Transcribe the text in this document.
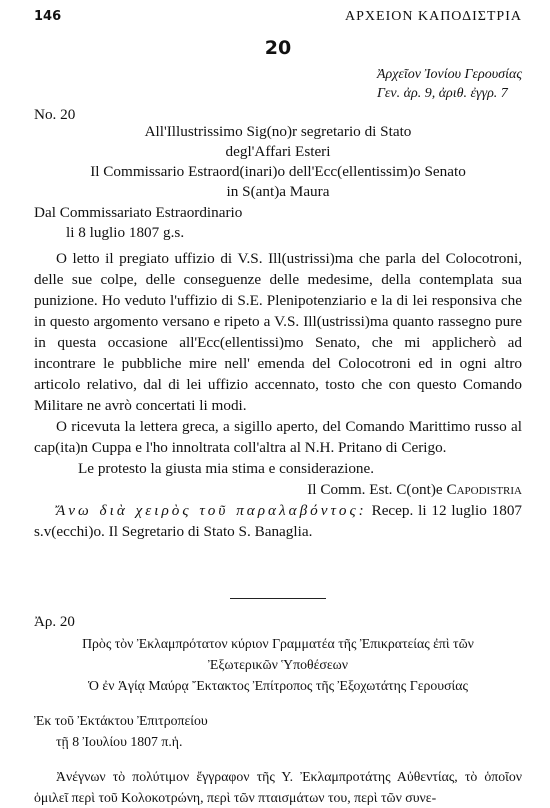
146	ΑΡΧΕΙΟΝ ΚΑΠΟΔΙΣΤΡΙΑ
20
Ἀρχεῖον Ἰονίου Γερουσίας
Γεν. ἀρ. 9, ἀριθ. ἐγγρ. 7
No. 20
All'Illustrissimo Sig(no)r segretario di Stato
degl'Affari Esteri
Il Commissario Estraord(inari)o dell'Ecc(ellentissim)o Senato
in S(ant)a Maura
Dal Commissariato Estraordinario
li 8 luglio 1807 g.s.

O letto il pregiato uffizio di V.S. Ill(ustrissi)ma che parla del Colocotroni, delle sue colpe, delle conseguenze delle medesime, della contemplata sua punizione. Ho veduto l'uffizio di S.E. Plenipotenziario e la di lei responsiva che in questo argomento versano e ripeto a V.S. Ill(ustrissi)ma quanto rassegno pure in questa occasione all'Ecc(ellentissi)mo Senato, che mi applicherò ad incontrare le pubbliche mire nell' emenda del Colocotroni ed in ogni altro articolo relativo, dal di lei uffizio accennato, tosto che con questo Comando Militare ne avrò concertati li modi.

O ricevuta la lettera greca, a sigillo aperto, del Comando Marittimo russo al cap(ita)n Cuppa e l'ho innoltrata coll'altra al N.H. Pritano di Cerigo.

Le protesto la giusta mia stima e considerazione.

Il Comm. Est. C(ont)e Capodistria

Ἄνω διὰ χειρὸς τοῦ παραλαβόντος: Recep. li 12 luglio 1807 s.v(ecchi)o. Il Segretario di Stato S. Banaglia.

Ἀρ. 20
Πρὸς τὸν Ἐκλαμπρότατον κύριον Γραμματέα τῆς Ἐπικρατείας ἐπὶ τῶν
Ἐξωτερικῶν Ὑποθέσεων
Ὁ ἐν Ἁγίᾳ Μαύρᾳ Ἔκτακτος Ἐπίτροπος τῆς Ἐξοχωτάτης Γερουσίας
Ἐκ τοῦ Ἐκτάκτου Ἐπιτροπείου
τῇ 8 Ἰουλίου 1807 π.ἡ.
Ἀνέγνων τὸ πολύτιμον ἔγγραφον τῆς Υ. Ἐκλαμπροτάτης Αὐθεντίας, τὸ ὁποῖον ὁμιλεῖ περὶ τοῦ Κολοκοτρώνη, περὶ τῶν πταισμάτων του, περὶ τῶν συνε-
